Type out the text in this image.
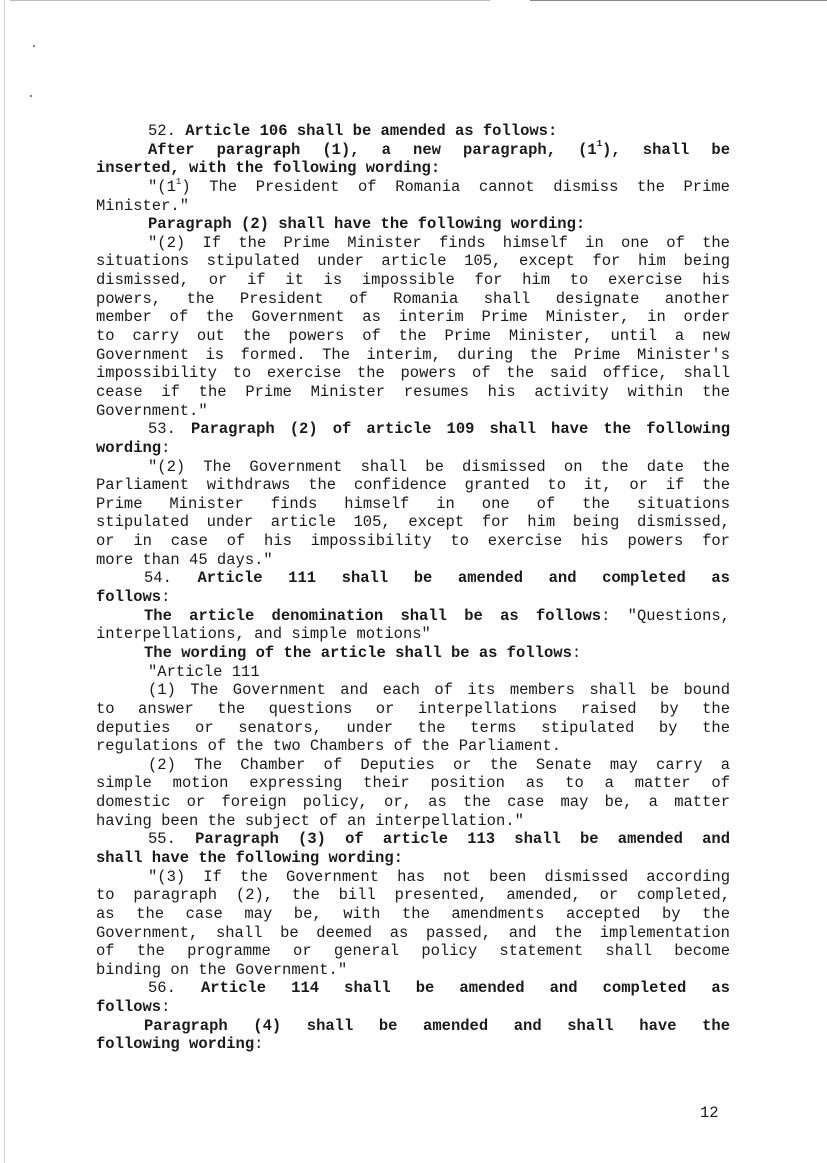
52. Article 106 shall be amended as follows:
After paragraph (1), a new paragraph, $(1^1)$, shall be
inserted, with the following wording:
"$(1^1)$ The President of Romania cannot dismiss the Prime
Minister."
Paragraph (2) shall have the following wording:
"(2) If the Prime Minister finds himself in one of the
situations stipulated under article 105, except for him being
dismissed, or if it is impossible for him to exercise his
powers, the President of Romania shall designate another
member of the Government as interim Prime Minister, in order
to carry out the powers of the Prime Minister, until a new
Government is formed. The interim, during the Prime Minister's
impossibility to exercise the powers of the said office, shall
cease if the Prime Minister resumes his activity within the
Government."
53. Paragraph (2) of article 109 shall have the following
wording:
"(2) The Government shall be dismissed on the date the
Parliament withdraws the confidence granted to it, or if the
Prime Minister finds himself in one of the situations
stipulated under article 105, except for him being dismissed,
or in case of his impossibility to exercise his powers for
more than 45 days."
54. Article 111 shall be amended and completed as
follows:
The article denomination shall be as follows: "Questions,
interpellations, and simple motions"
The wording of the article shall be as follows:
"Article 111
(1) The Government and each of its members shall be bound
to answer the questions or interpellations raised by the
deputies or senators, under the terms stipulated by the
regulations of the two Chambers of the Parliament.
(2) The Chamber of Deputies or the Senate may carry a
simple motion expressing their position as to a matter of
domestic or foreign policy, or, as the case may be, a matter
having been the subject of an interpellation."
55. Paragraph (3) of article 113 shall be amended and
shall have the following wording:
"(3) If the Government has not been dismissed according
to paragraph (2), the bill presented, amended, or completed,
as the case may be, with the amendments accepted by the
Government, shall be deemed as passed, and the implementation
of the programme or general policy statement shall become
binding on the Government."
56. Article 114 shall be amended and completed as
follows:
Paragraph (4) shall be amended and shall have the
following wording:
12
